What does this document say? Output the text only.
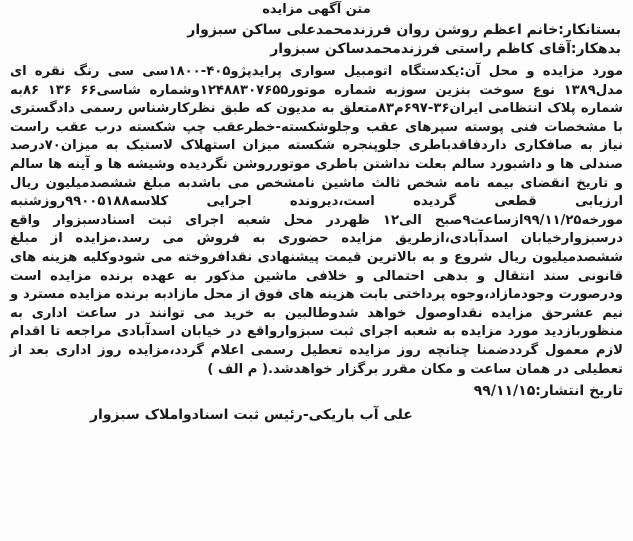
متن آگهی مزایده
بستانکار:خانم اعظم روشن روان فرزندمحمدعلی ساکن سبزوار
بدهکار:آقای کاظم راستی فرزندمحمدساکن سبزوار
مورد مزایده و محل آن:یکدستگاه اتومبیل سواری پرایدپژو۴۰۵-۱۸۰۰سی سی رنگ نقره ای مدل۱۳۸۹ نوع سوخت بنزین سوزبه شماره موتور۱۲۴۸۸۳۰۷۶۵۵وشماره شاسی۶۶ ۱۳۶ ۸۶به شماره پلاک انتظامی ایران۳۶-۶۹۷م۸۳متعلق به مدیون که طبق نظرکارشناس رسمی دادگستری با مشخصات فنی پوسته سپرهای عقب وجلوشکسته-خطرعقب چپ شکسته درب عقب راست نیاز به صافکاری داردفاقدباطری جلوپنجره شکسته میزان استهلاک لاستیک به میزان۷۰درصد صندلی ها و داشبورد سالم بعلت نداشتن باطری موتورروشن نگردیده وشیشه ها و آینه ها سالم و تاریخ انقضای بیمه نامه شخص ثالث ماشین نامشخص می باشدبه مبلغ ششصدمیلیون ریال ارزیابی قطعی گردیده است،دیرونده اجرایی کلاسه۹۹۰۰۵۱۸۸روزشنبه مورخه۹۹/۱۱/۲۵ازساعت۹صبح الی۱۲ ظهردر محل شعبه اجرای ثبت اسنادسبزوار واقع درسبزوارخیابان اسدآبادی،ازطریق مزایده حضوری به فروش می رسد.مزایده از مبلغ ششصدمیلیون ریال شروع و به بالاترین قیمت پیشنهادی نقدافروخته می شودوکلیه هزینه های قانونی سند انتقال و بدهی احتمالی و خلافی ماشین مذکور به عهده برنده مزایده است ودرصورت وجودمازاد،وجوه پرداختی بابت هزینه های فوق از محل مازادبه برنده مزایده مسترد و نیم عشرحق مزایده نقداوصول خواهد شدوطالبین به خرید می توانند در ساعت اداری به منظوربازدید مورد مزایده به شعبه اجرای ثبت سبزوارواقع در خیابان اسدآبادی مراجعه تا اقدام لازم معمول گرددضمنا چنانچه روز مزایده تعطیل رسمی اعلام گردد،مزایده روز اداری بعد از تعطیلی در همان ساعت و مکان مقرر برگزار خواهدشد.( م الف )
تاریخ انتشار:۹۹/۱۱/۱۵
علی آب باریکی-رئیس ثبت اسنادواملاک سبزوار
